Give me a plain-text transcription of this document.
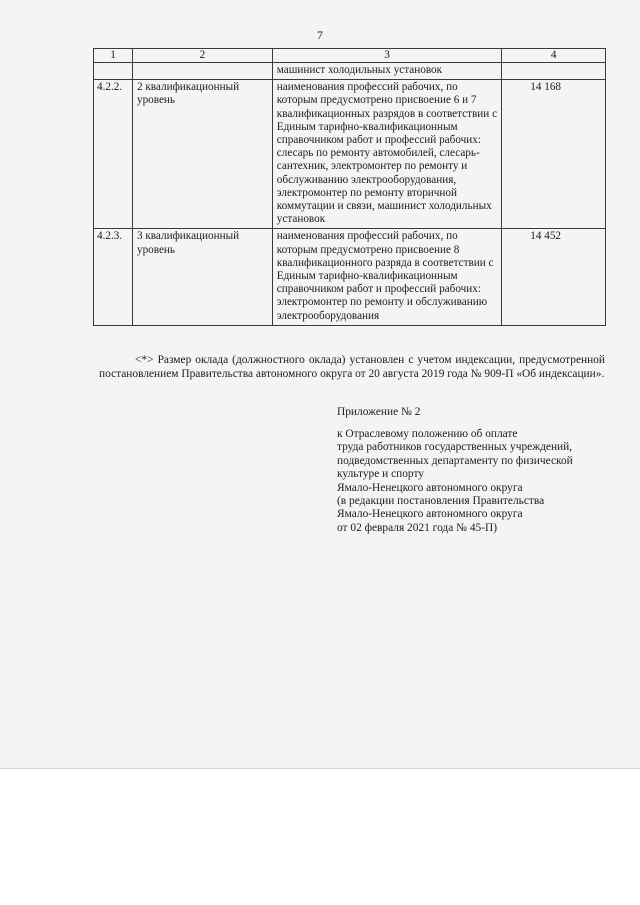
7
1	2	3	4
		машинист холодильных установок	
4.2.2.	2 квалификационный уровень	наименования профессий рабочих, по которым предусмотрено присвоение 6 и 7 квалификационных разрядов в соответствии с Единым тарифно-квалификационным справочником работ и профессий рабочих: слесарь по ремонту автомобилей, слесарь-сантехник, электромонтер по ремонту и обслуживанию электрооборудования, электромонтер по ремонту вторичной коммутации и связи, машинист холодильных установок	14 168
4.2.3.	3 квалификационный уровень	наименования профессий рабочих, по которым предусмотрено присвоение 8 квалификационного разряда в соответствии с Единым тарифно-квалификационным справочником работ и профессий рабочих: электромонтер по ремонту и обслуживанию электрооборудования	14 452
<*> Размер оклада (должностного оклада) установлен с учетом индексации, предусмотренной постановлением Правительства автономного округа от 20 августа 2019 года № 909-П «Об индексации».
Приложение № 2
к Отраслевому положению об оплате
труда работников государственных учреждений,
подведомственных департаменту по физической
культуре и спорту
Ямало-Ненецкого автономного округа
(в редакции постановления Правительства
Ямало-Ненецкого автономного округа
от 02 февраля 2021 года № 45-П)
